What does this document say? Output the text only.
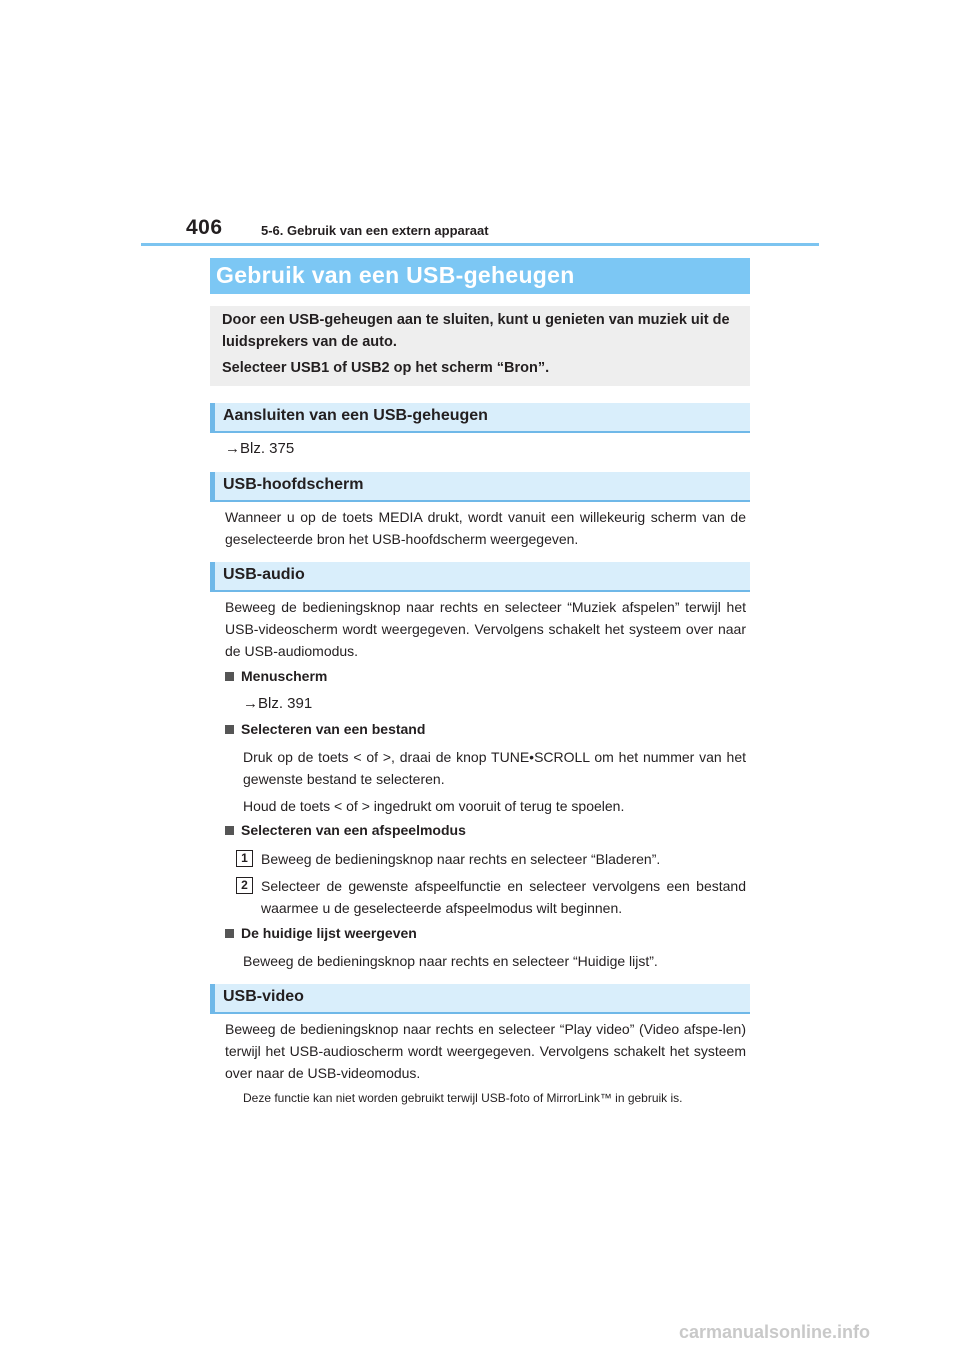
406	5-6. Gebruik van een extern apparaat
Gebruik van een USB-geheugen
Door een USB-geheugen aan te sluiten, kunt u genieten van muziek uit de
luidsprekers van de auto.
Selecteer USB1 of USB2 op het scherm “Bron”.
Aansluiten van een USB-geheugen
→Blz. 375
USB-hoofdscherm
Wanneer u op de toets MEDIA drukt, wordt vanuit een willekeurig scherm van de geselecteerde bron het USB-hoofdscherm weergegeven.
USB-audio
Beweeg de bedieningsknop naar rechts en selecteer “Muziek afspelen” terwijl het USB-videoscherm wordt weergegeven. Vervolgens schakelt het systeem over naar de USB-audiomodus.
Menuscherm
→Blz. 391
Selecteren van een bestand
Druk op de toets < of >, draai de knop TUNE•SCROLL om het nummer van het gewenste bestand te selecteren.
Houd de toets < of > ingedrukt om vooruit of terug te spoelen.
Selecteren van een afspeelmodus
1 Beweeg de bedieningsknop naar rechts en selecteer “Bladeren”.
2 Selecteer de gewenste afspeelfunctie en selecteer vervolgens een bestand waarmee u de geselecteerde afspeelmodus wilt beginnen.
De huidige lijst weergeven
Beweeg de bedieningsknop naar rechts en selecteer “Huidige lijst”.
USB-video
Beweeg de bedieningsknop naar rechts en selecteer “Play video” (Video afspe-len) terwijl het USB-audioscherm wordt weergegeven. Vervolgens schakelt het systeem over naar de USB-videomodus.
Deze functie kan niet worden gebruikt terwijl USB-foto of MirrorLink™ in gebruik is.
carmanualsonline.info
